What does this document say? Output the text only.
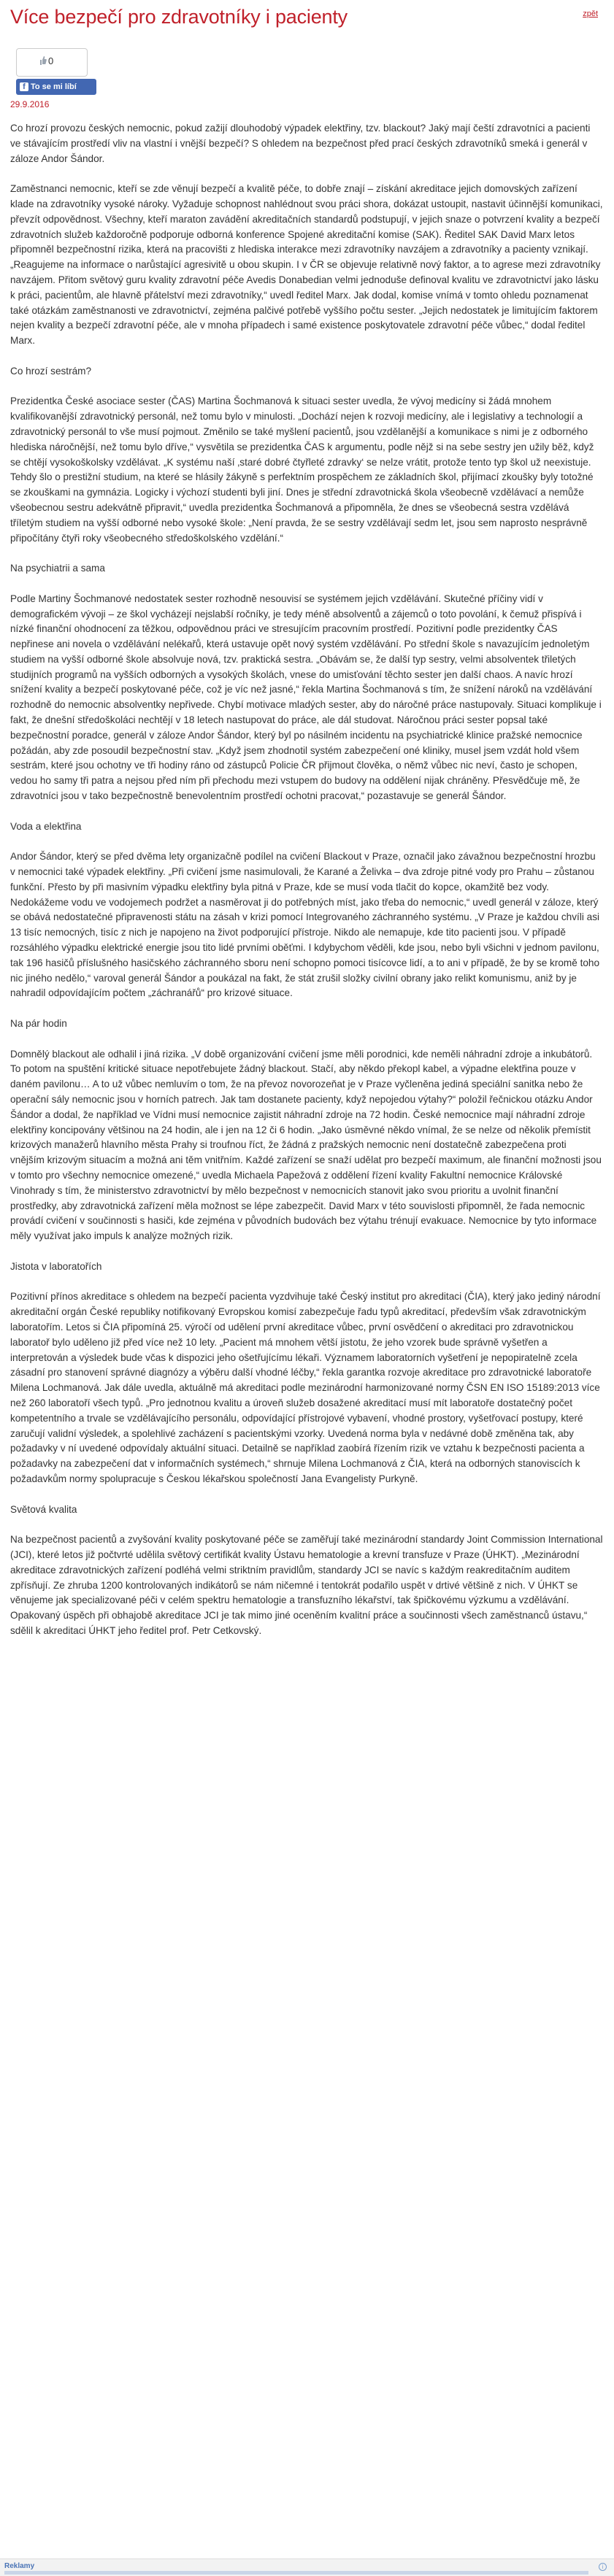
Více bezpečí pro zdravotníky i pacienty	zpět
0
f To se mi líbí
29.9.2016

Co hrozí provozu českých nemocnic, pokud zažijí dlouhodobý výpadek elektřiny, tzv. blackout? Jaký mají čeští zdravotníci a pacienti ve stávajícím prostředí vliv na vlastní i vnější bezpečí? S ohledem na bezpečnost před prací českých zdravotníků smeká i generál v záloze Andor Šándor.

Zaměstnanci nemocnic, kteří se zde věnují bezpečí a kvalitě péče, to dobře znají – získání akreditace jejich domovských zařízení klade na zdravotníky vysoké nároky. Vyžaduje schopnost nahlédnout svou práci shora, dokázat ustoupit, nastavit účinnější komunikaci, převzít odpovědnost. Všechny, kteří maraton zavádění akreditačních standardů podstupují, v jejich snaze o potvrzení kvality a bezpečí zdravotních služeb každoročně podporuje odborná konference Spojené akreditační komise (SAK). Ředitel SAK David Marx letos připomněl bezpečnostní rizika, která na pracovišti z hlediska interakce mezi zdravotníky navzájem a zdravotníky a pacienty vznikají. „Reagujeme na informace o narůstající agresivitě u obou skupin. I v ČR se objevuje relativně nový faktor, a to agrese mezi zdravotníky navzájem. Přitom světový guru kvality zdravotní péče Avedis Donabedian velmi jednoduše definoval kvalitu ve zdravotnictví jako lásku k práci, pacientům, ale hlavně přátelství mezi zdravotníky,“ uvedl ředitel Marx. Jak dodal, komise vnímá v tomto ohledu poznamenat také otázkám zaměstnanosti ve zdravotnictví, zejména palčivé potřebě vyššího počtu sester. „Jejich nedostatek je limitujícím faktorem nejen kvality a bezpečí zdravotní péče, ale v mnoha případech i samé existence poskytovatele zdravotní péče vůbec,“ dodal ředitel Marx.

Co hrozí sestrám?

Prezidentka České asociace sester (ČAS) Martina Šochmanová k situaci sester uvedla, že vývoj medicíny si žádá mnohem kvalifikovanější zdravotnický personál, než tomu bylo v minulosti. „Dochází nejen k rozvoji medicíny, ale i legislativy a technologií a zdravotnický personál to vše musí pojmout. Změnilo se také myšlení pacientů, jsou vzdělanější a komunikace s nimi je z odborného hlediska náročnější, než tomu bylo dříve,“ vysvětila se prezidentka ČAS k argumentu, podle nějž si na sebe sestry jen užily běž, když se chtějí vysokoškolsky vzdělávat. „K systému naší ‚staré dobré čtyřleté zdravky‘ se nelze vrátit, protože tento typ škol už neexistuje. Tehdy šlo o prestižní studium, na které se hlásily žákyně s perfektním prospěchem ze základních škol, přijímací zkoušky byly totožné se zkouškami na gymnázia. Logicky i výchozí studenti byli jiní. Dnes je střední zdravotnická škola všeobecně vzdělávací a nemůže všeobecnou sestru adekvátně připravit,“ uvedla prezidentka Šochmanová a připomněla, že dnes se všeobecná sestra vzdělává tříletým studiem na vyšší odborné nebo vysoké škole: „Není pravda, že se sestry vzdělávají sedm let, jsou sem naprosto nesprávně připočítány čtyři roky všeobecného středoškolského vzdělání.“

Na psychiatrii a sama

Podle Martiny Šochmanové nedostatek sester rozhodně nesouvisí se systémem jejich vzdělávání. Skutečné příčiny vidí v demografickém vývoji – ze škol vycházejí nejslabší ročníky, je tedy méně absolventů a zájemců o toto povolání, k čemuž přispívá i nízké finanční ohodnocení za těžkou, odpovědnou práci ve stresujícím pracovním prostředí. Pozitivní podle prezidentky ČAS nepřinese ani novela o vzdělávání nelékařů, která ustavuje opět nový systém vzdělávání. Po střední škole s navazujícím jednoletým studiem na vyšší odborné škole absolvuje nová, tzv. praktická sestra. „Obávám se, že další typ sestry, velmi absolventek třiletých studijních programů na vyšších odborných a vysokých školách, vnese do umisťování těchto sester jen další chaos. A navíc hrozí snížení kvality a bezpečí poskytované péče, což je víc než jasné,“ řekla Martina Šochmanová s tím, že snížení nároků na vzdělávání rozhodně do nemocnic absolventky nepřivede. Chybí motivace mladých sester, aby do náročné práce nastupovaly. Situaci komplikuje i fakt, že dnešní středoškoláci nechtějí v 18 letech nastupovat do práce, ale dál studovat. Náročnou práci sester popsal také bezpečnostní poradce, generál v záloze Andor Šándor, který byl po násilném incidentu na psychiatrické klinice pražské nemocnice požádán, aby zde posoudil bezpečnostní stav. „Když jsem zhodnotil systém zabezpečení oné kliniky, musel jsem vzdát hold všem sestrám, které jsou ochotny ve tři hodiny ráno od zástupců Policie ČR přijmout člověka, o němž vůbec nic neví, často je schopen, vedou ho samy tři patra a nejsou před ním při přechodu mezi vstupem do budovy na oddělení nijak chráněny. Přesvědčuje mě, že zdravotníci jsou v tako bezpečnostně benevolentním prostředí ochotni pracovat,“ pozastavuje se generál Šándor.

Voda a elektřina

Andor Šándor, který se před dvěma lety organizačně podílel na cvičení Blackout v Praze, označil jako závažnou bezpečnostní hrozbu v nemocnici také výpadek elektřiny. „Při cvičení jsme nasimulovali, že Karané a Želivka – dva zdroje pitné vody pro Prahu – zůstanou funkční. Přesto by při masivním výpadku elektřiny byla pitná v Praze, kde se musí voda tlačit do kopce, okamžitě bez vody. Nedokážeme vodu ve vodojemech podržet a nasměrovat ji do potřebných míst, jako třeba do nemocnic,“ uvedl generál v záloze, který se obává nedostatečné připravenosti státu na zásah v krizi pomocí Integrovaného záchranného systému. „V Praze je každou chvíli asi 13 tisíc nemocných, tisíc z nich je napojeno na život podporující přístroje. Nikdo ale nemapuje, kde tito pacienti jsou. V případě rozsáhlého výpadku elektrické energie jsou tito lidé prvními oběťmi. I kdybychom věděli, kde jsou, nebo byli všichni v jednom pavilonu, tak 196 hasičů příslušného hasičského záchranného sboru není schopno pomoci tisícovce lidí, a to ani v případě, že by se kromě toho nic jiného nedělo,“ varoval generál Šándor a poukázal na fakt, že stát zrušil složky civilní obrany jako relikt komunismu, aniž by je nahradil odpovídajícím počtem „záchranářů“ pro krizové situace.

Na pár hodin

Domnělý blackout ale odhalil i jiná rizika. „V době organizování cvičení jsme měli porodnici, kde neměli náhradní zdroje a inkubátorů. To potom na spuštění kritické situace nepotřebujete žádný blackout. Stačí, aby někdo překopl kabel, a výpadne elektřina pouze v daném pavilonu… A to už vůbec nemluvím o tom, že na převoz novorozeňat je v Praze vyčleněna jediná speciální sanitka nebo že operační sály nemocnic jsou v horních patrech. Jak tam dostanete pacienty, když nepojedou výtahy?“ položil řečnickou otázku Andor Šándor a dodal, že například ve Vídni musí nemocnice zajistit náhradní zdroje na 72 hodin. České nemocnice mají náhradní zdroje elektřiny koncipovány většinou na 24 hodin, ale i jen na 12 či 6 hodin. „Jako úsměvné někdo vnímal, že se nelze od několik přemístit krizových manažerů hlavního města Prahy si troufnou říct, že žádná z pražských nemocnic není dostatečně zabezpečena proti vnějším krizovým situacím a možná ani těm vnitřním. Každé zařízení se snaží udělat pro bezpečí maximum, ale finanční možnosti jsou v tomto pro všechny nemocnice omezené,“ uvedla Michaela Papežová z oddělení řízení kvality Fakultní nemocnice Královské Vinohrady s tím, že ministerstvo zdravotnictví by mělo bezpečnost v nemocnicích stanovit jako svou prioritu a uvolnit finanční prostředky, aby zdravotnická zařízení měla možnost se lépe zabezpečit. David Marx v této souvislosti připomněl, že řada nemocnic provádí cvičení v součinnosti s hasiči, kde zejména v původních budovách bez výtahu trénují evakuace. Nemocnice by tyto informace měly využívat jako impuls k analýze možných rizik.

Jistota v laboratořích

Pozitivní přínos akreditace s ohledem na bezpečí pacienta vyzdvihuje také Český institut pro akreditaci (ČIA), který jako jediný národní akreditační orgán České republiky notifikovaný Evropskou komisí zabezpečuje řadu typů akreditací, především však zdravotnickým laboratořím. Letos si ČIA připomíná 25. výročí od udělení první akreditace vůbec, první osvědčení o akreditaci pro zdravotnickou laboratoř bylo uděleno již před více než 10 lety. „Pacient má mnohem větší jistotu, že jeho vzorek bude správně vyšetřen a interpretován a výsledek bude včas k dispozici jeho ošetřujícímu lékaři. Významem laboratorních vyšetření je nepopiratelně zcela zásadní pro stanovení správné diagnózy a výběru další vhodné léčby,“ řekla garantka rozvoje akreditace pro zdravotnické laboratoře Milena Lochmanová. Jak dále uvedla, aktuálně má akreditaci podle mezinárodní harmonizované normy ČSN EN ISO 15189:2013 více než 260 laboratoří všech typů. „Pro jednotnou kvalitu a úroveň služeb dosažené akreditací musí mít laboratoře dostatečný počet kompetentního a trvale se vzdělávajícího personálu, odpovídající přístrojové vybavení, vhodné prostory, vyšetřovací postupy, které zaručují validní výsledek, a spolehlivé zacházení s pacientskými vzorky. Uvedená norma byla v nedávné době změněna tak, aby požadavky v ní uvedené odpovídaly aktuální situaci. Detailně se například zaobírá řízením rizik ve vztahu k bezpečnosti pacienta a požadavky na zabezpečení dat v informačních systémech,“ shrnuje Milena Lochmanová z ČIA, která na odborných stanoviscích k požadavkům normy spolupracuje s Českou lékařskou společností Jana Evangelisty Purkyně.

Světová kvalita

Na bezpečnost pacientů a zvyšování kvality poskytované péče se zaměřují také mezinárodní standardy Joint Commission International (JCI), které letos již počtvrté udělila světový certifikát kvality Ústavu hematologie a krevní transfuze v Praze (ÚHKT). „Mezinárodní akreditace zdravotnických zařízení podléhá velmi striktním pravidlům, standardy JCI se navíc s každým reakreditačním auditem zpřísňují. Ze zhruba 1200 kontrolovaných indikátorů se nám ničemné i tentokrát podařilo uspět v drtivé většině z nich. V ÚHKT se věnujeme jak specializované péči v celém spektru hematologie a transfuzního lékařství, tak špičkovému výzkumu a vzdělávání. Opakovaný úspěch při obhajobě akreditace JCI je tak mimo jiné oceněním kvalitní práce a součinnosti všech zaměstnanců ústavu,“ sdělil k akreditaci ÚHKT jeho ředitel prof. Petr Cetkovský.

Reklamy	i
